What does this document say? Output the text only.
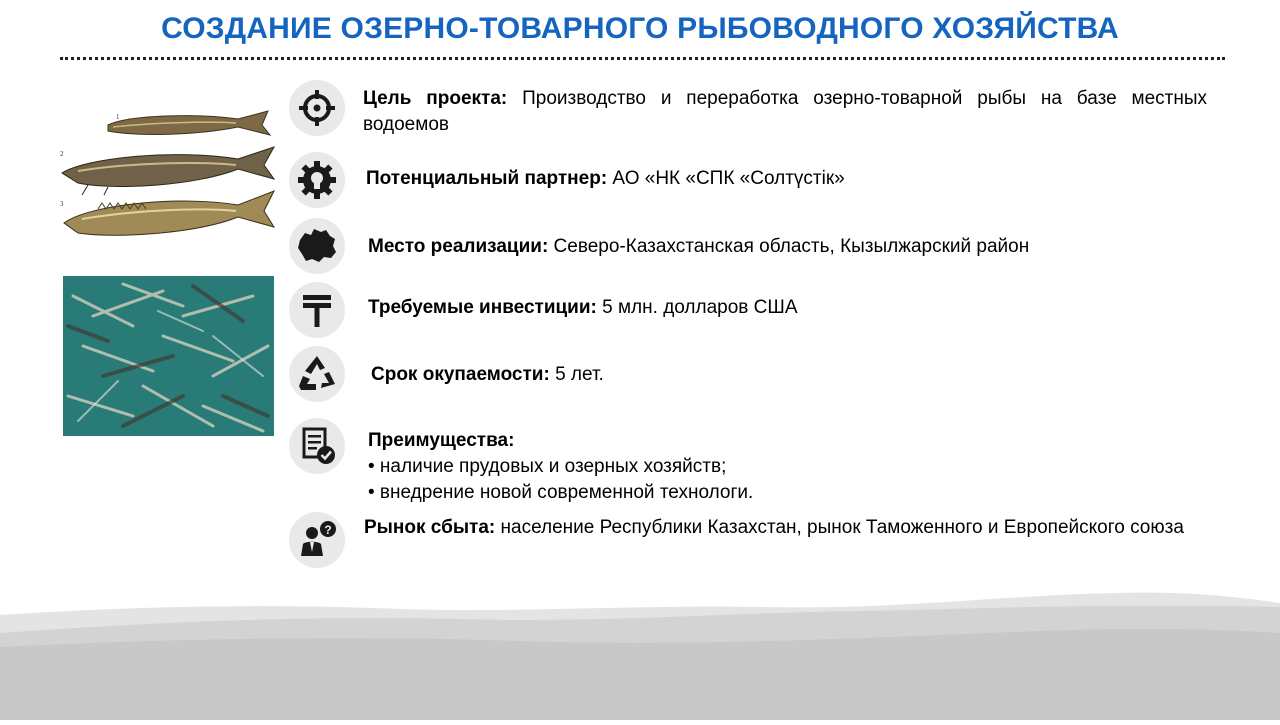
СОЗДАНИЕ ОЗЕРНО-ТОВАРНОГО РЫБОВОДНОГО ХОЗЯЙСТВА
1
2
3
?
Цель проекта: Производство и переработка озерно-товарной рыбы на базе местных водоемов
Потенциальный партнер: АО «НК «СПК «Солтүстік»
Место реализации: Северо-Казахстанская область, Кызылжарский район
Требуемые инвестиции: 5 млн. долларов США
Срок окупаемости: 5 лет.
Преимущества:
• наличие прудовых и озерных хозяйств;
• внедрение новой современной технологи.
Рынок сбыта: население Республики Казахстан, рынок Таможенного и Европейского союза
